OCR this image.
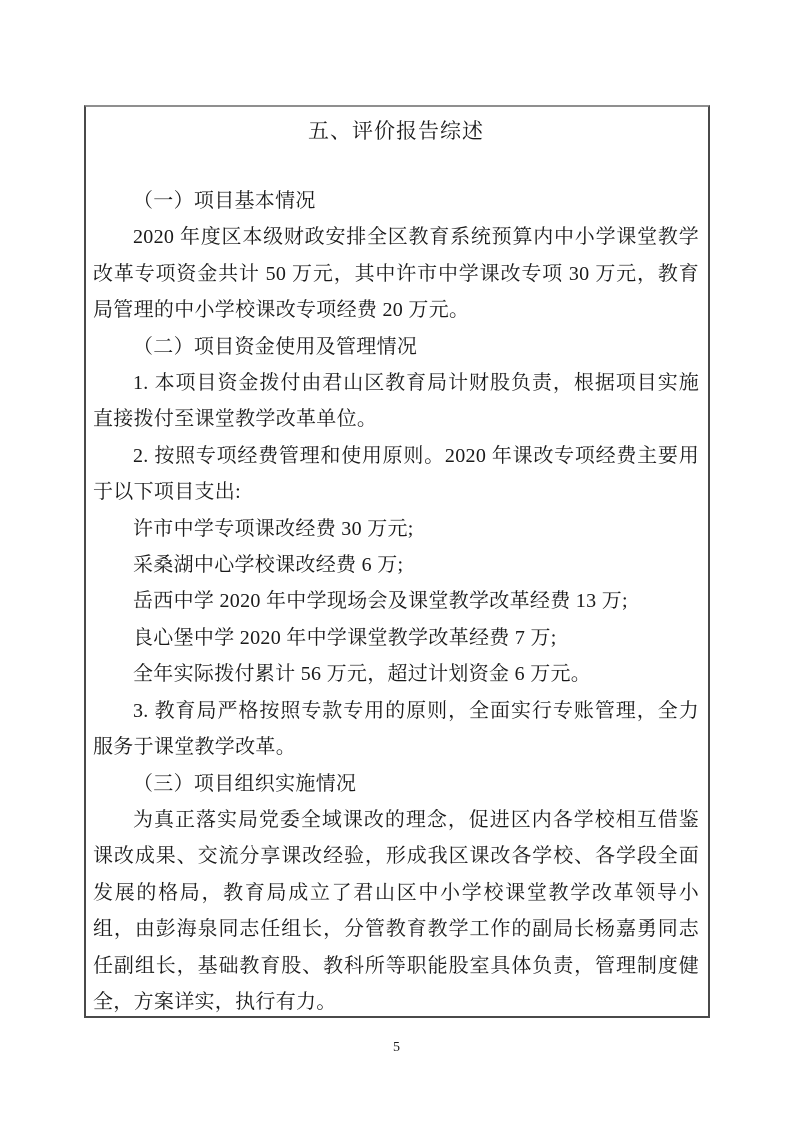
五、评价报告综述

（一）项目基本情况

2020 年度区本级财政安排全区教育系统预算内中小学课堂教学改革专项资金共计 50 万元，其中许市中学课改专项 30 万元，教育局管理的中小学校课改专项经费 20 万元。

（二）项目资金使用及管理情况

1. 本项目资金拨付由君山区教育局计财股负责，根据项目实施直接拨付至课堂教学改革单位。

2. 按照专项经费管理和使用原则。2020 年课改专项经费主要用于以下项目支出:

许市中学专项课改经费 30 万元;

采桑湖中心学校课改经费 6 万;

岳西中学 2020 年中学现场会及课堂教学改革经费 13 万;

良心堡中学 2020 年中学课堂教学改革经费 7 万;

全年实际拨付累计 56 万元，超过计划资金 6 万元。

3. 教育局严格按照专款专用的原则，全面实行专账管理，全力服务于课堂教学改革。

（三）项目组织实施情况

为真正落实局党委全域课改的理念，促进区内各学校相互借鉴课改成果、交流分享课改经验，形成我区课改各学校、各学段全面发展的格局，教育局成立了君山区中小学校课堂教学改革领导小组，由彭海泉同志任组长，分管教育教学工作的副局长杨嘉勇同志任副组长，基础教育股、教科所等职能股室具体负责，管理制度健全，方案详实，执行有力。

5
